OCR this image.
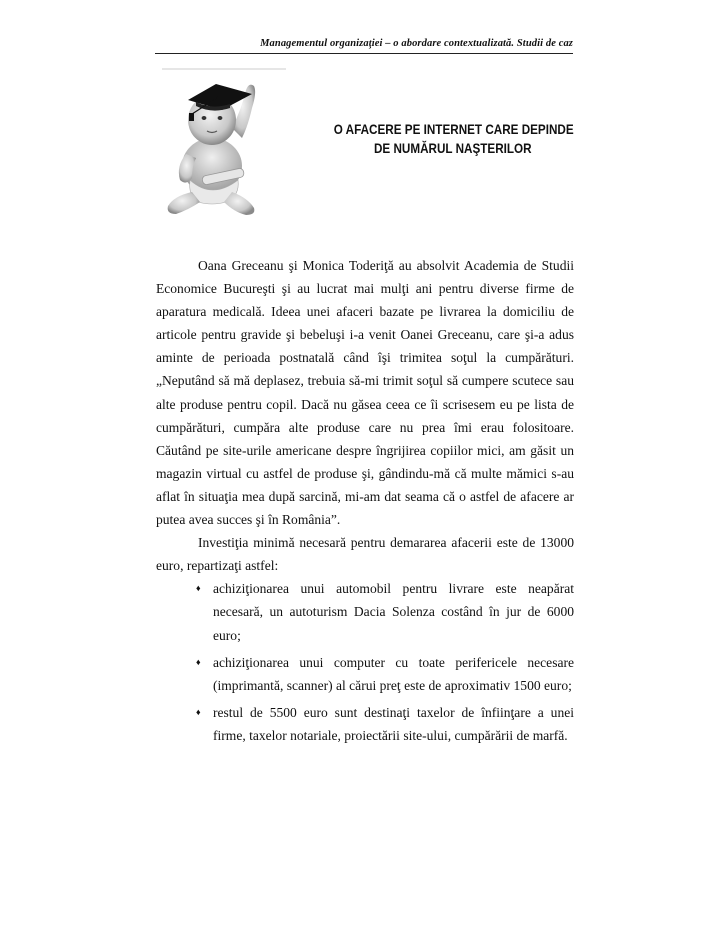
Managementul organizaţiei – o abordare contextualizată. Studii de caz
O AFACERE PE INTERNET CARE DEPINDE
DE NUMĂRUL NAŞTERILOR

Oana Greceanu şi Monica Toderiţă au absolvit Academia de Studii Economice Bucureşti şi au lucrat mai mulţi ani pentru diverse firme de aparatura medicală. Ideea unei afaceri bazate pe livrarea la domiciliu de articole pentru gravide şi bebeluşi i-a venit Oanei Greceanu, care şi-a adus aminte de perioada postnatală când îşi trimitea soţul la cumpărături. „Neputând să mă deplasez, trebuia să-mi trimit soţul să cumpere scutece sau alte produse pentru copil. Dacă nu găsea ceea ce îi scrisesem eu pe lista de cumpărături, cumpăra alte produse care nu prea îmi erau folositoare. Căutând pe site-urile americane despre îngrijirea copiilor mici, am găsit un magazin virtual cu astfel de produse şi, gândindu-mă că multe mămici s-au aflat în situaţia mea după sarcină, mi-am dat seama că o astfel de afacere ar putea avea succes şi în România”.

Investiţia minimă necesară pentru demararea afacerii este de 13000 euro, repartizaţi astfel:

♦ achiziţionarea unui automobil pentru livrare este neapărat necesară, un autoturism Dacia Solenza costând în jur de 6000 euro;
♦ achiziţionarea unui computer cu toate perifericele necesare (imprimantă, scanner) al cărui preţ este de aproximativ 1500 euro;
♦ restul de 5500 euro sunt destinaţi taxelor de înfiinţare a unei firme, taxelor notariale, proiectării site-ului, cumpărării de marfă.
